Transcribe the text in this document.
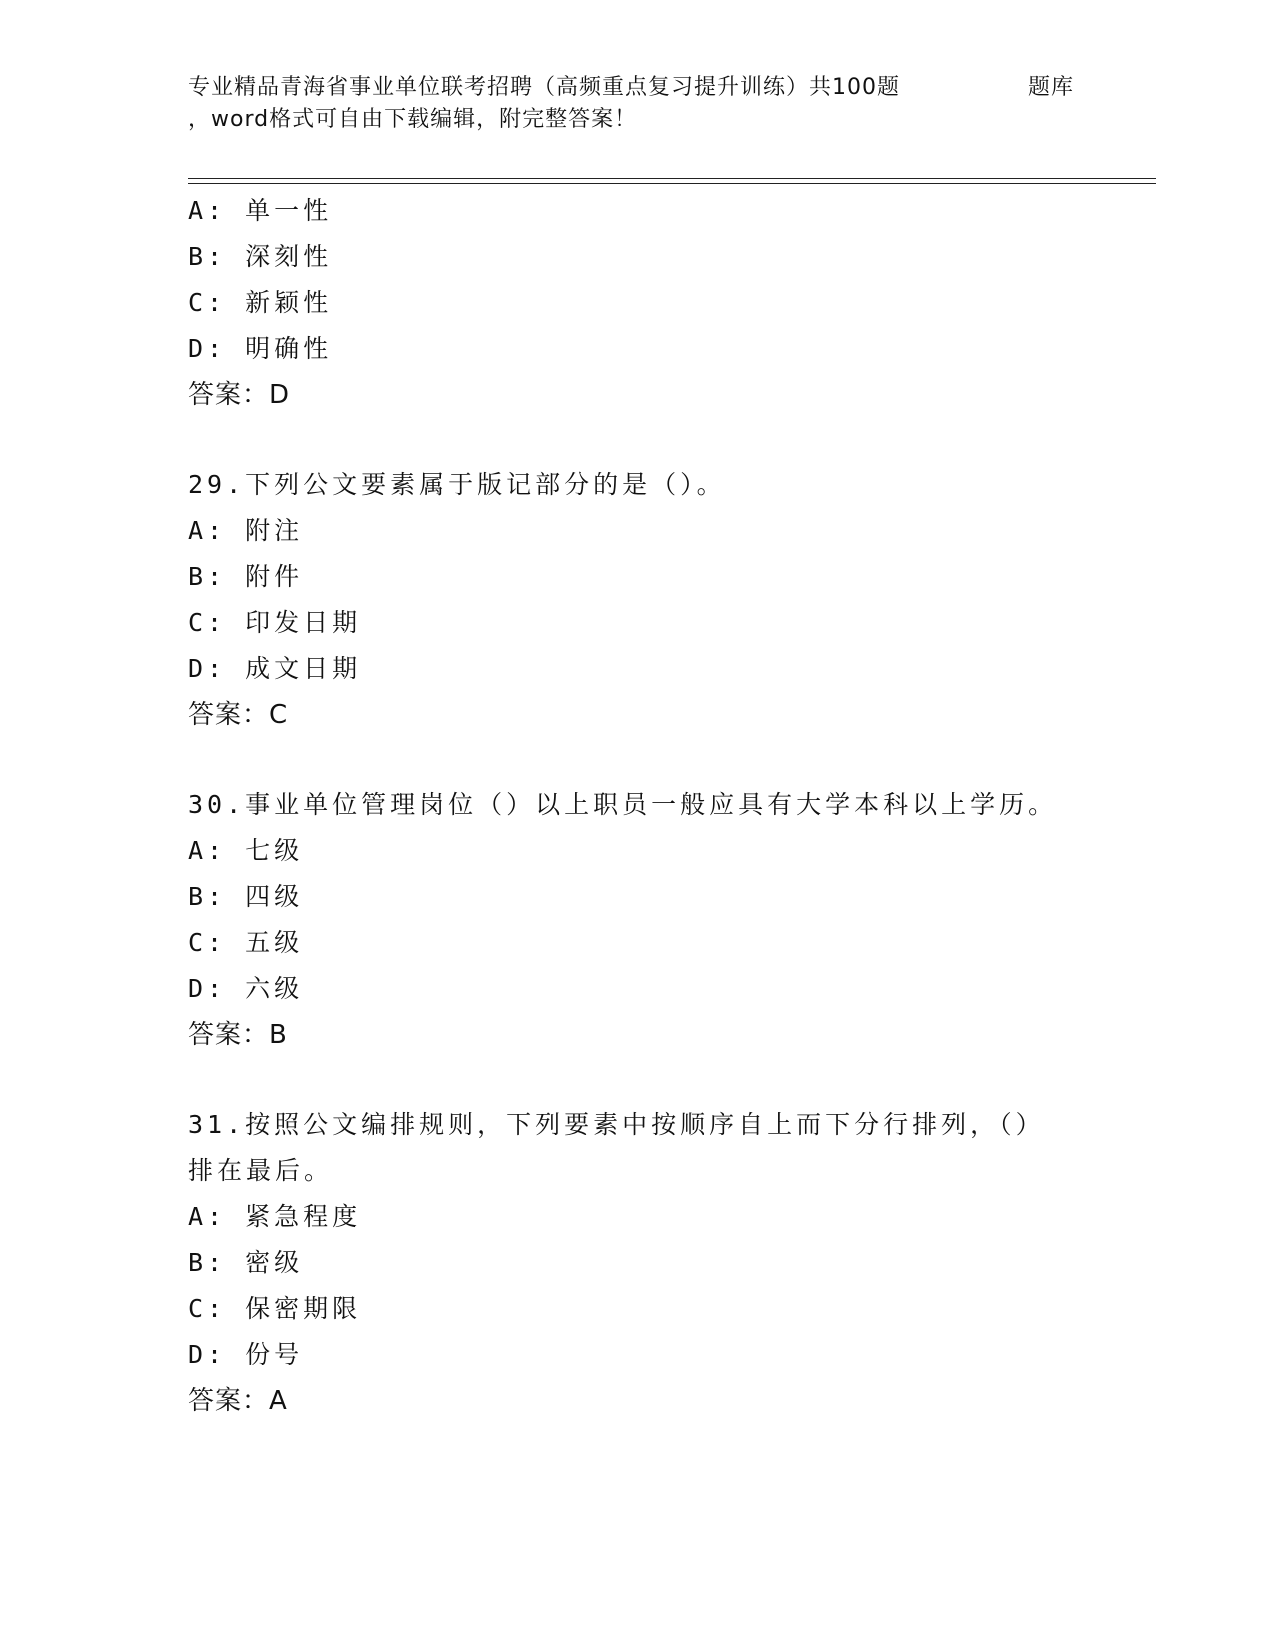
专业精品青海省事业单位联考招聘（高频重点复习提升训练）共100题	题库
，word格式可自由下载编辑，附完整答案！
A: 单一性
B: 深刻性
C: 新颖性
D: 明确性
答案：D
29.下列公文要素属于版记部分的是（）。
A: 附注
B: 附件
C: 印发日期
D: 成文日期
答案：C
30.事业单位管理岗位（）以上职员一般应具有大学本科以上学历。
A: 七级
B: 四级
C: 五级
D: 六级
答案：B
31.按照公文编排规则，下列要素中按顺序自上而下分行排列，（）排在最后。
A: 紧急程度
B: 密级
C: 保密期限
D: 份号
答案：A
